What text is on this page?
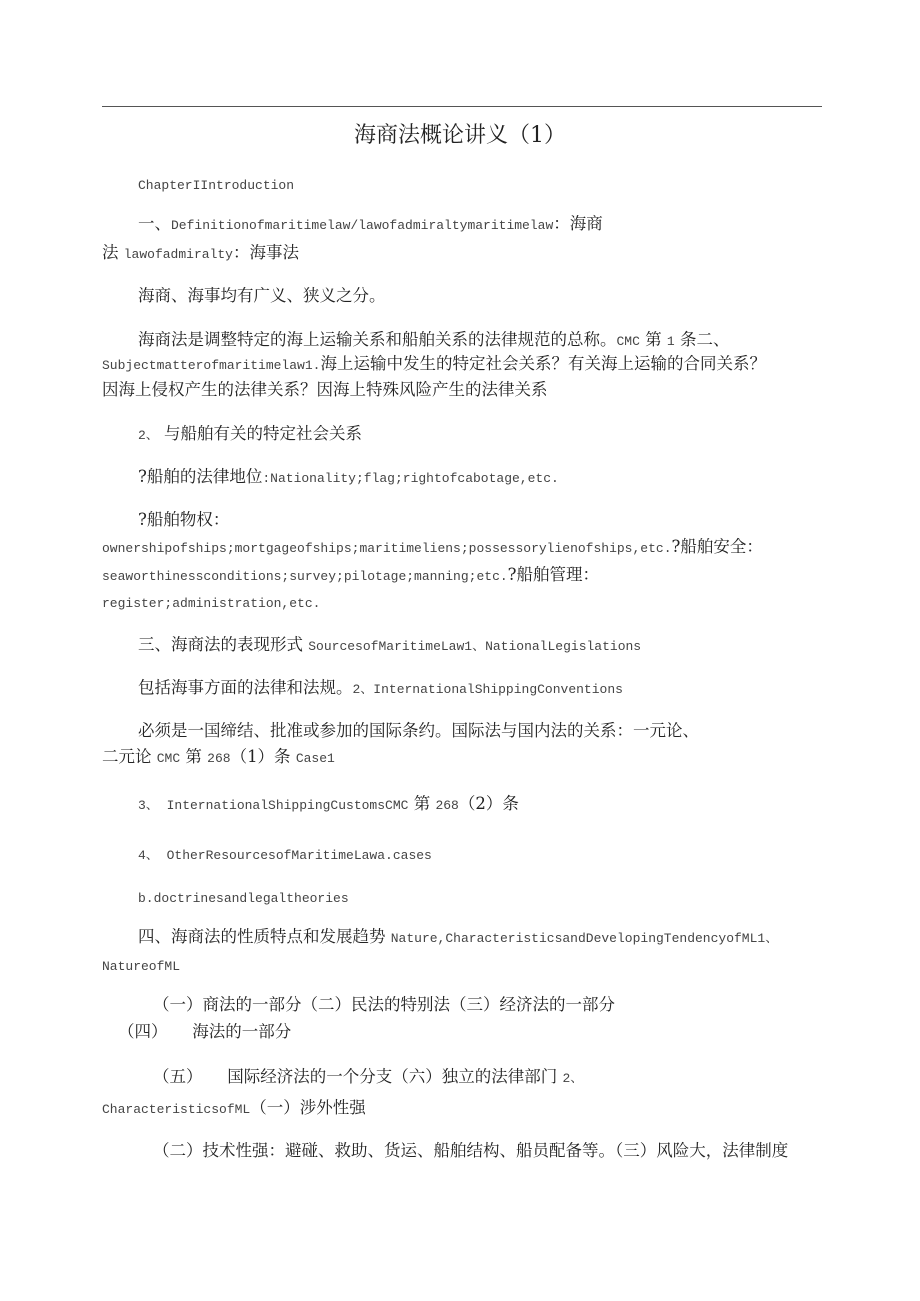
海商法概论讲义（1）
ChapterIIntroduction
一、Definitionofmaritimelaw/lawofadmiraltymaritimelaw：海商
法 lawofadmiralty：海事法
海商、海事均有广义、狭义之分。
海商法是调整特定的海上运输关系和船舶关系的法律规范的总称。CMC 第 1 条二、
Subjectmatterofmaritimelaw1.海上运输中发生的特定社会关系？有关海上运输的合同关系？
因海上侵权产生的法律关系？因海上特殊风险产生的法律关系
2、 与船舶有关的特定社会关系
?船舶的法律地位:Nationality;flag;rightofcabotage,etc.
?船舶物权：
ownershipofships;mortgageofships;maritimeliens;possessorylienofships,etc.?船舶安全：
seaworthinessconditions;survey;pilotage;manning;etc.?船舶管理：
register;administration,etc.
三、海商法的表现形式 SourcesofMaritimeLaw1、NationalLegislations
包括海事方面的法律和法规。2、InternationalShippingConventions
必须是一国缔结、批准或参加的国际条约。国际法与国内法的关系：一元论、
二元论 CMC 第 268（1）条 Case1
3、 InternationalShippingCustomsCMC 第 268（2）条
4、 OtherResourcesofMaritimeLawa.cases
b.doctrinesandlegaltheories
四、海商法的性质特点和发展趋势 Nature,CharacteristicsandDevelopingTendencyofML1、
NatureofML
（一）商法的一部分（二）民法的特别法（三）经济法的一部分
（四）　　海法的一部分
（五）　　国际经济法的一个分支（六）独立的法律部门 2、
CharacteristicsofML（一）涉外性强
（二）技术性强：避碰、救助、货运、船舶结构、船员配备等。（三）风险大，法律制度
